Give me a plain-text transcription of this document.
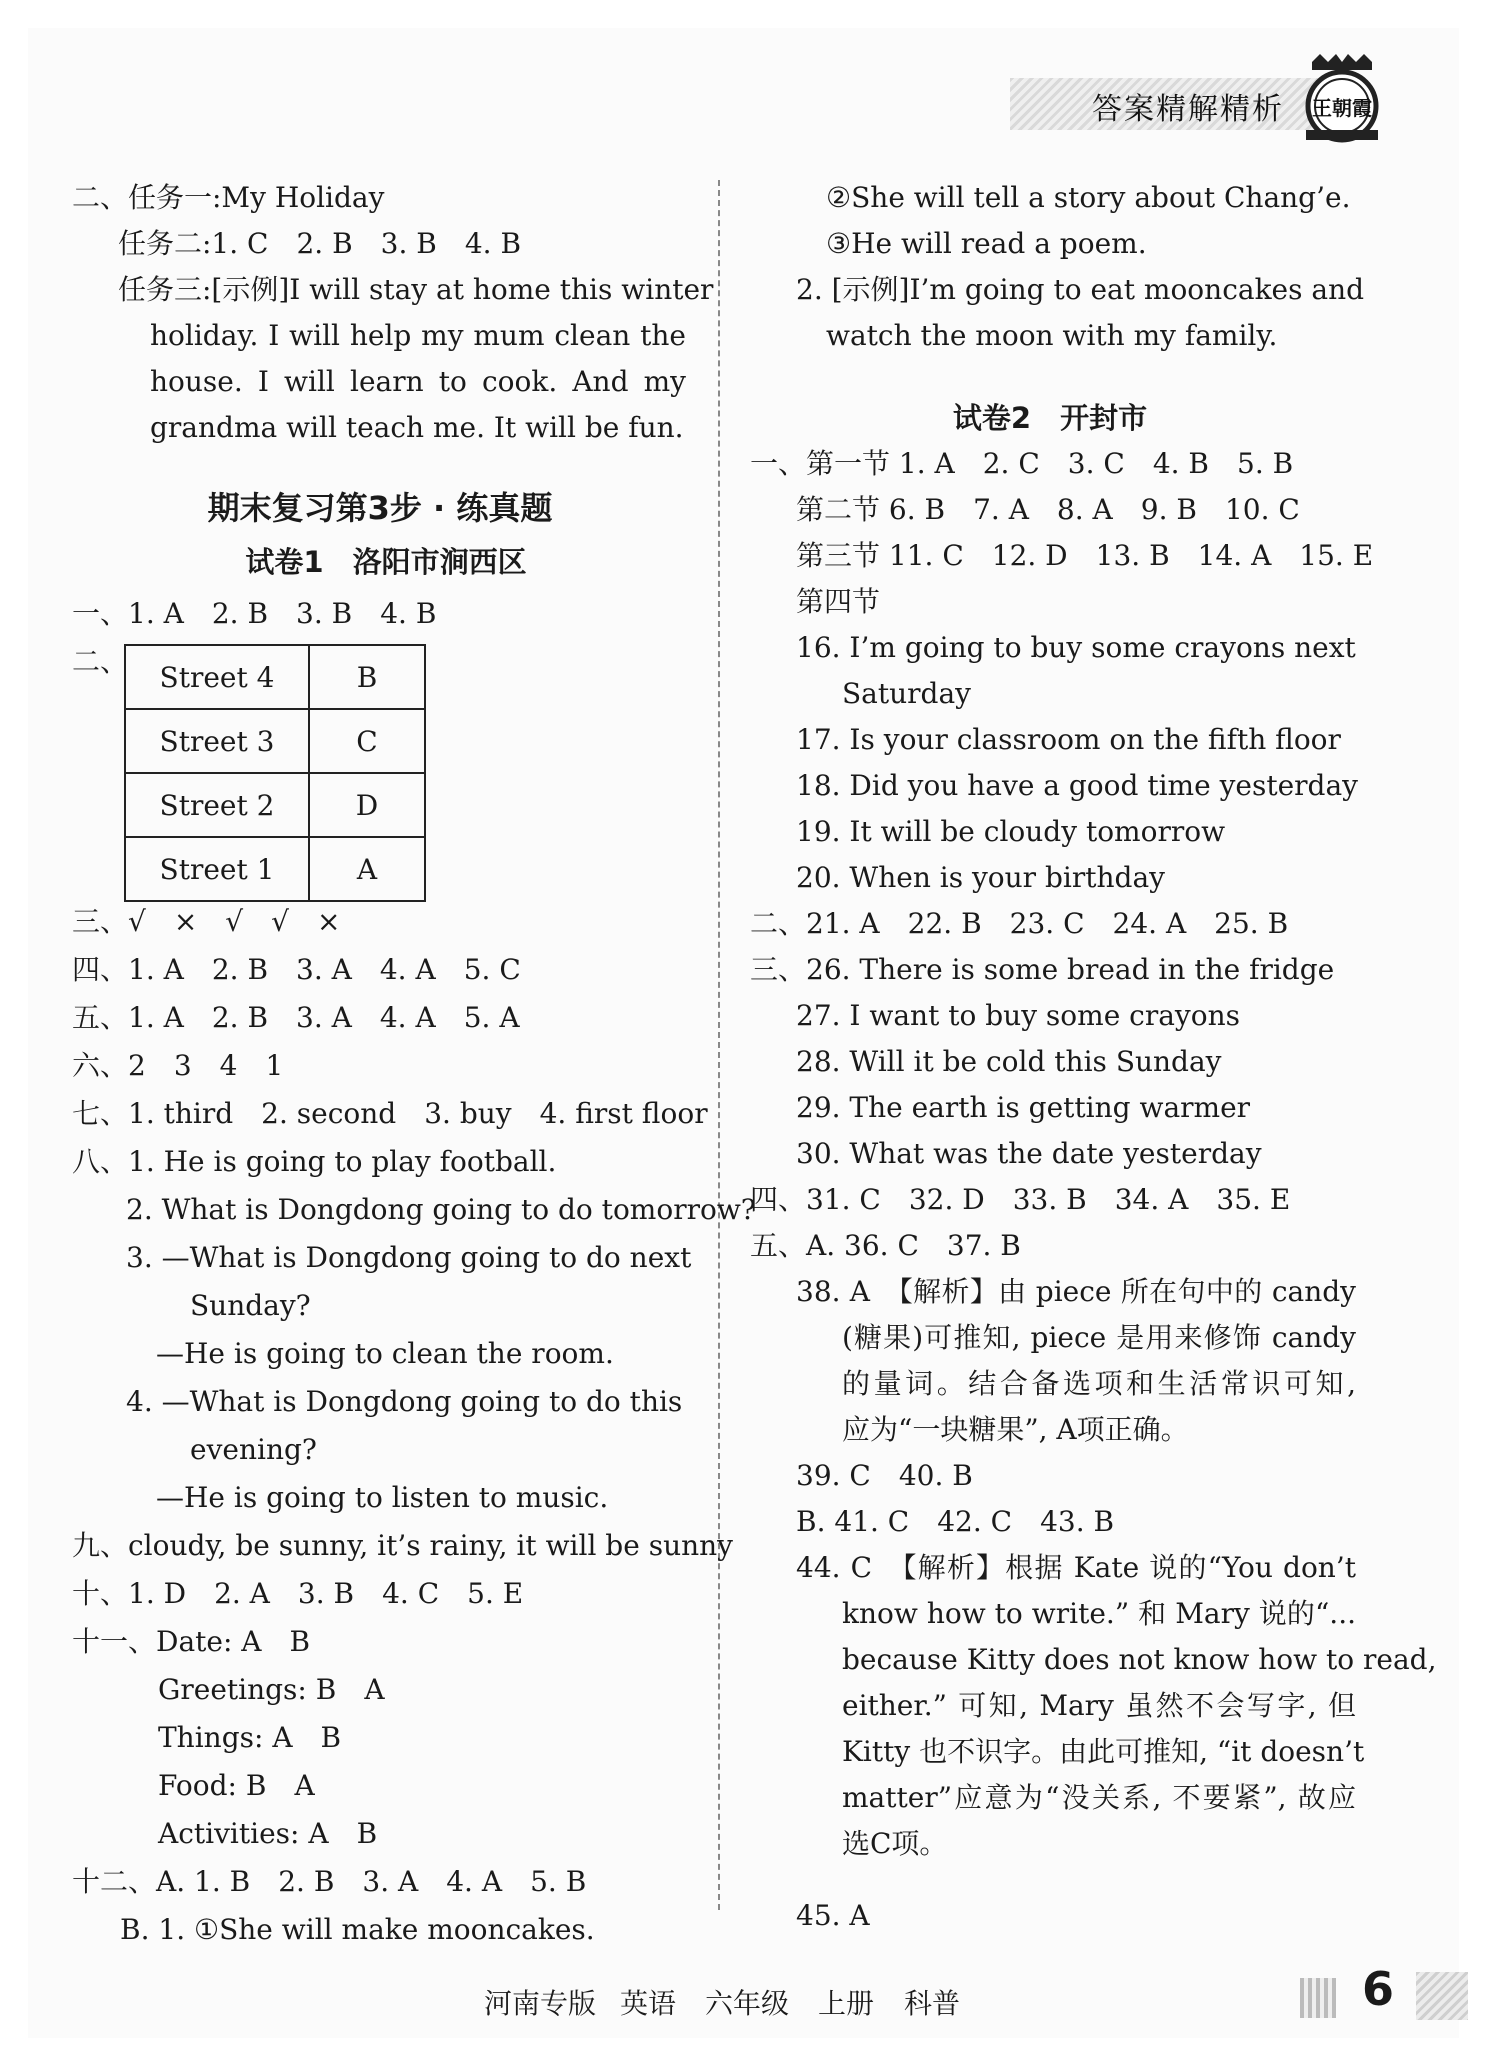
答案精解精析 王朝霞
二、任务一:My Holiday
任务二:1. C　2. B　3. B　4. B
任务三:[示例]I will stay at home this winter
holiday. I will help my mum clean the
house. I will learn to cook. And my
grandma will teach me. It will be fun.
期末复习第3步 · 练真题
试卷1　洛阳市涧西区
一、1. A　2. B　3. B　4. B
二、 Street 4	B
Street 3	C
Street 2	D
Street 1	A
三、√　×　√　√　×
四、1. A　2. B　3. A　4. A　5. C
五、1. A　2. B　3. A　4. A　5. A
六、2　3　4　1
七、1. third　2. second　3. buy　4. first floor
八、1. He is going to play football.
2. What is Dongdong going to do tomorrow?
3. —What is Dongdong going to do next
Sunday?
—He is going to clean the room.
4. —What is Dongdong going to do this
evening?
—He is going to listen to music.
九、cloudy, be sunny, it’s rainy, it will be sunny
十、1. D　2. A　3. B　4. C　5. E
十一、Date: A　B
Greetings: B　A
Things: A　B
Food: B　A
Activities: A　B
十二、A. 1. B　2. B　3. A　4. A　5. B
B. 1. ①She will make mooncakes.
②She will tell a story about Chang’e.
③He will read a poem.
2. [示例]I’m going to eat mooncakes and
watch the moon with my family.
试卷2　开封市
一、第一节 1. A　2. C　3. C　4. B　5. B
第二节 6. B　7. A　8. A　9. B　10. C
第三节 11. C　12. D　13. B　14. A　15. E
第四节
16. I’m going to buy some crayons next
Saturday
17. Is your classroom on the fifth floor
18. Did you have a good time yesterday
19. It will be cloudy tomorrow
20. When is your birthday
二、21. A　22. B　23. C　24. A　25. B
三、26. There is some bread in the fridge
27. I want to buy some crayons
28. Will it be cold this Sunday
29. The earth is getting warmer
30. What was the date yesterday
四、31. C　32. D　33. B　34. A　35. E
五、A. 36. C　37. B
38. A　【解析】由 piece 所在句中的 candy
(糖果)可推知, piece 是用来修饰 candy
的量词。结合备选项和生活常识可知,
应为“一块糖果”, A项正确。
39. C　40. B
B. 41. C　42. C　43. B
44. C　【解析】根据 Kate 说的“You don’t
know how to write.” 和 Mary 说的“...
because Kitty does not know how to read,
either.” 可知, Mary 虽然不会写字, 但
Kitty 也不识字。由此可推知, “it doesn’t
matter”应意为“没关系, 不要紧”, 故应
选C项。
45. A
河南专版 英语 六年级 上册 科普	6
